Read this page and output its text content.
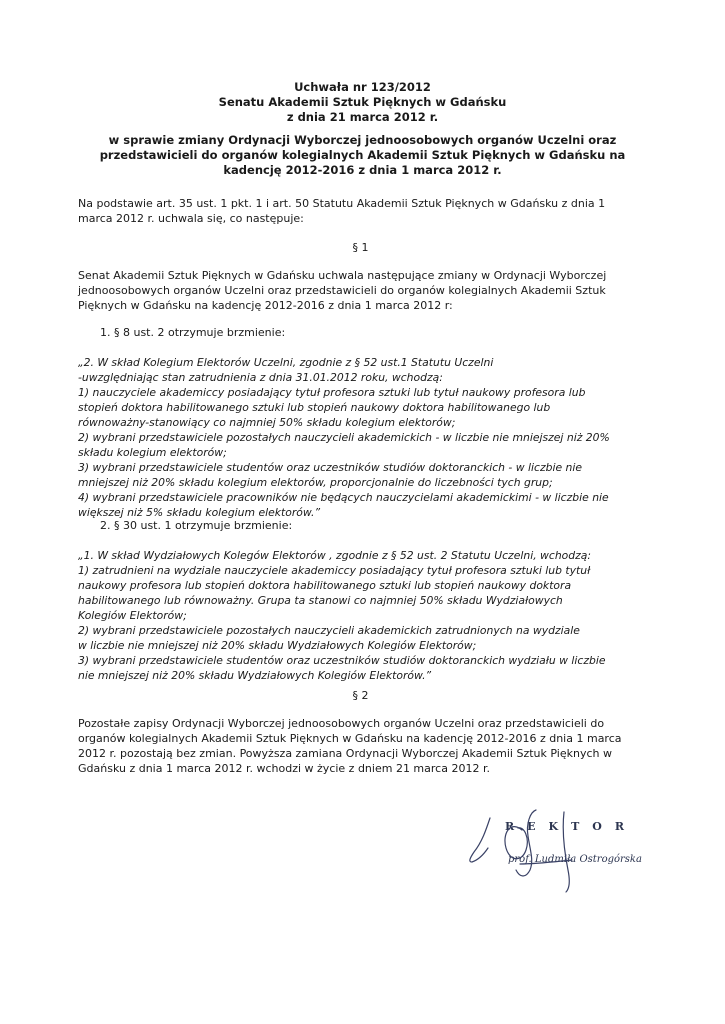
Uchwała nr 123/2012
Senatu Akademii Sztuk Pięknych w Gdańsku
z dnia 21 marca 2012 r.
w sprawie zmiany Ordynacji Wyborczej jednoosobowych organów Uczelni oraz
przedstawicieli do organów kolegialnych Akademii Sztuk Pięknych w Gdańsku na
kadencję 2012-2016 z dnia 1 marca 2012 r.
Na podstawie art. 35 ust. 1 pkt. 1 i art. 50 Statutu Akademii Sztuk Pięknych w Gdańsku z dnia 1
marca 2012 r. uchwala się, co następuje:
§ 1
Senat Akademii Sztuk Pięknych w Gdańsku uchwala następujące zmiany w Ordynacji Wyborczej
jednoosobowych organów Uczelni oraz przedstawicieli do organów kolegialnych Akademii Sztuk
Pięknych w Gdańsku na kadencję 2012-2016 z dnia 1 marca 2012 r:
1. § 8 ust. 2 otrzymuje brzmienie:
„2. W skład Kolegium Elektorów Uczelni, zgodnie z § 52 ust.1 Statutu Uczelni
-uwzględniając stan zatrudnienia z dnia 31.01.2012 roku, wchodzą:
1) nauczyciele akademiccy posiadający tytuł profesora sztuki lub tytuł naukowy profesora lub
stopień doktora habilitowanego sztuki lub stopień naukowy doktora habilitowanego lub
równoważny-stanowiący co najmniej 50% składu kolegium elektorów;
2) wybrani przedstawiciele pozostałych nauczycieli akademickich - w liczbie nie mniejszej niż 20%
składu kolegium elektorów;
3) wybrani przedstawiciele studentów oraz uczestników studiów doktoranckich - w liczbie nie
mniejszej niż 20% składu kolegium elektorów, proporcjonalnie do liczebności tych grup;
4) wybrani przedstawiciele pracowników nie będących nauczycielami akademickimi - w liczbie nie
większej niż 5% składu kolegium elektorów.”
2. § 30 ust. 1 otrzymuje brzmienie:
„1. W skład Wydziałowych Kolegów Elektorów , zgodnie z § 52 ust. 2 Statutu Uczelni, wchodzą:
1) zatrudnieni na wydziale nauczyciele akademiccy posiadający tytuł profesora sztuki lub tytuł
naukowy profesora lub stopień doktora habilitowanego sztuki lub stopień naukowy doktora
habilitowanego lub równoważny. Grupa ta stanowi co najmniej 50% składu Wydziałowych
Kolegiów Elektorów;
2) wybrani przedstawiciele pozostałych nauczycieli akademickich zatrudnionych na wydziale
w liczbie nie mniejszej niż 20% składu Wydziałowych Kolegiów Elektorów;
3) wybrani przedstawiciele studentów oraz uczestników studiów doktoranckich wydziału w liczbie
nie mniejszej niż 20% składu Wydziałowych Kolegiów Elektorów.”
§ 2
Pozostałe zapisy Ordynacji Wyborczej jednoosobowych organów Uczelni oraz przedstawicieli do
organów kolegialnych Akademii Sztuk Pięknych w Gdańsku na kadencję 2012-2016 z dnia 1 marca
2012 r. pozostają bez zmian. Powyższa zamiana Ordynacji Wyborczej Akademii Sztuk Pięknych w
Gdańsku z dnia 1 marca 2012 r. wchodzi w życie z dniem 21 marca 2012 r.
REKTOR
prof. Ludmiła Ostrogórska
